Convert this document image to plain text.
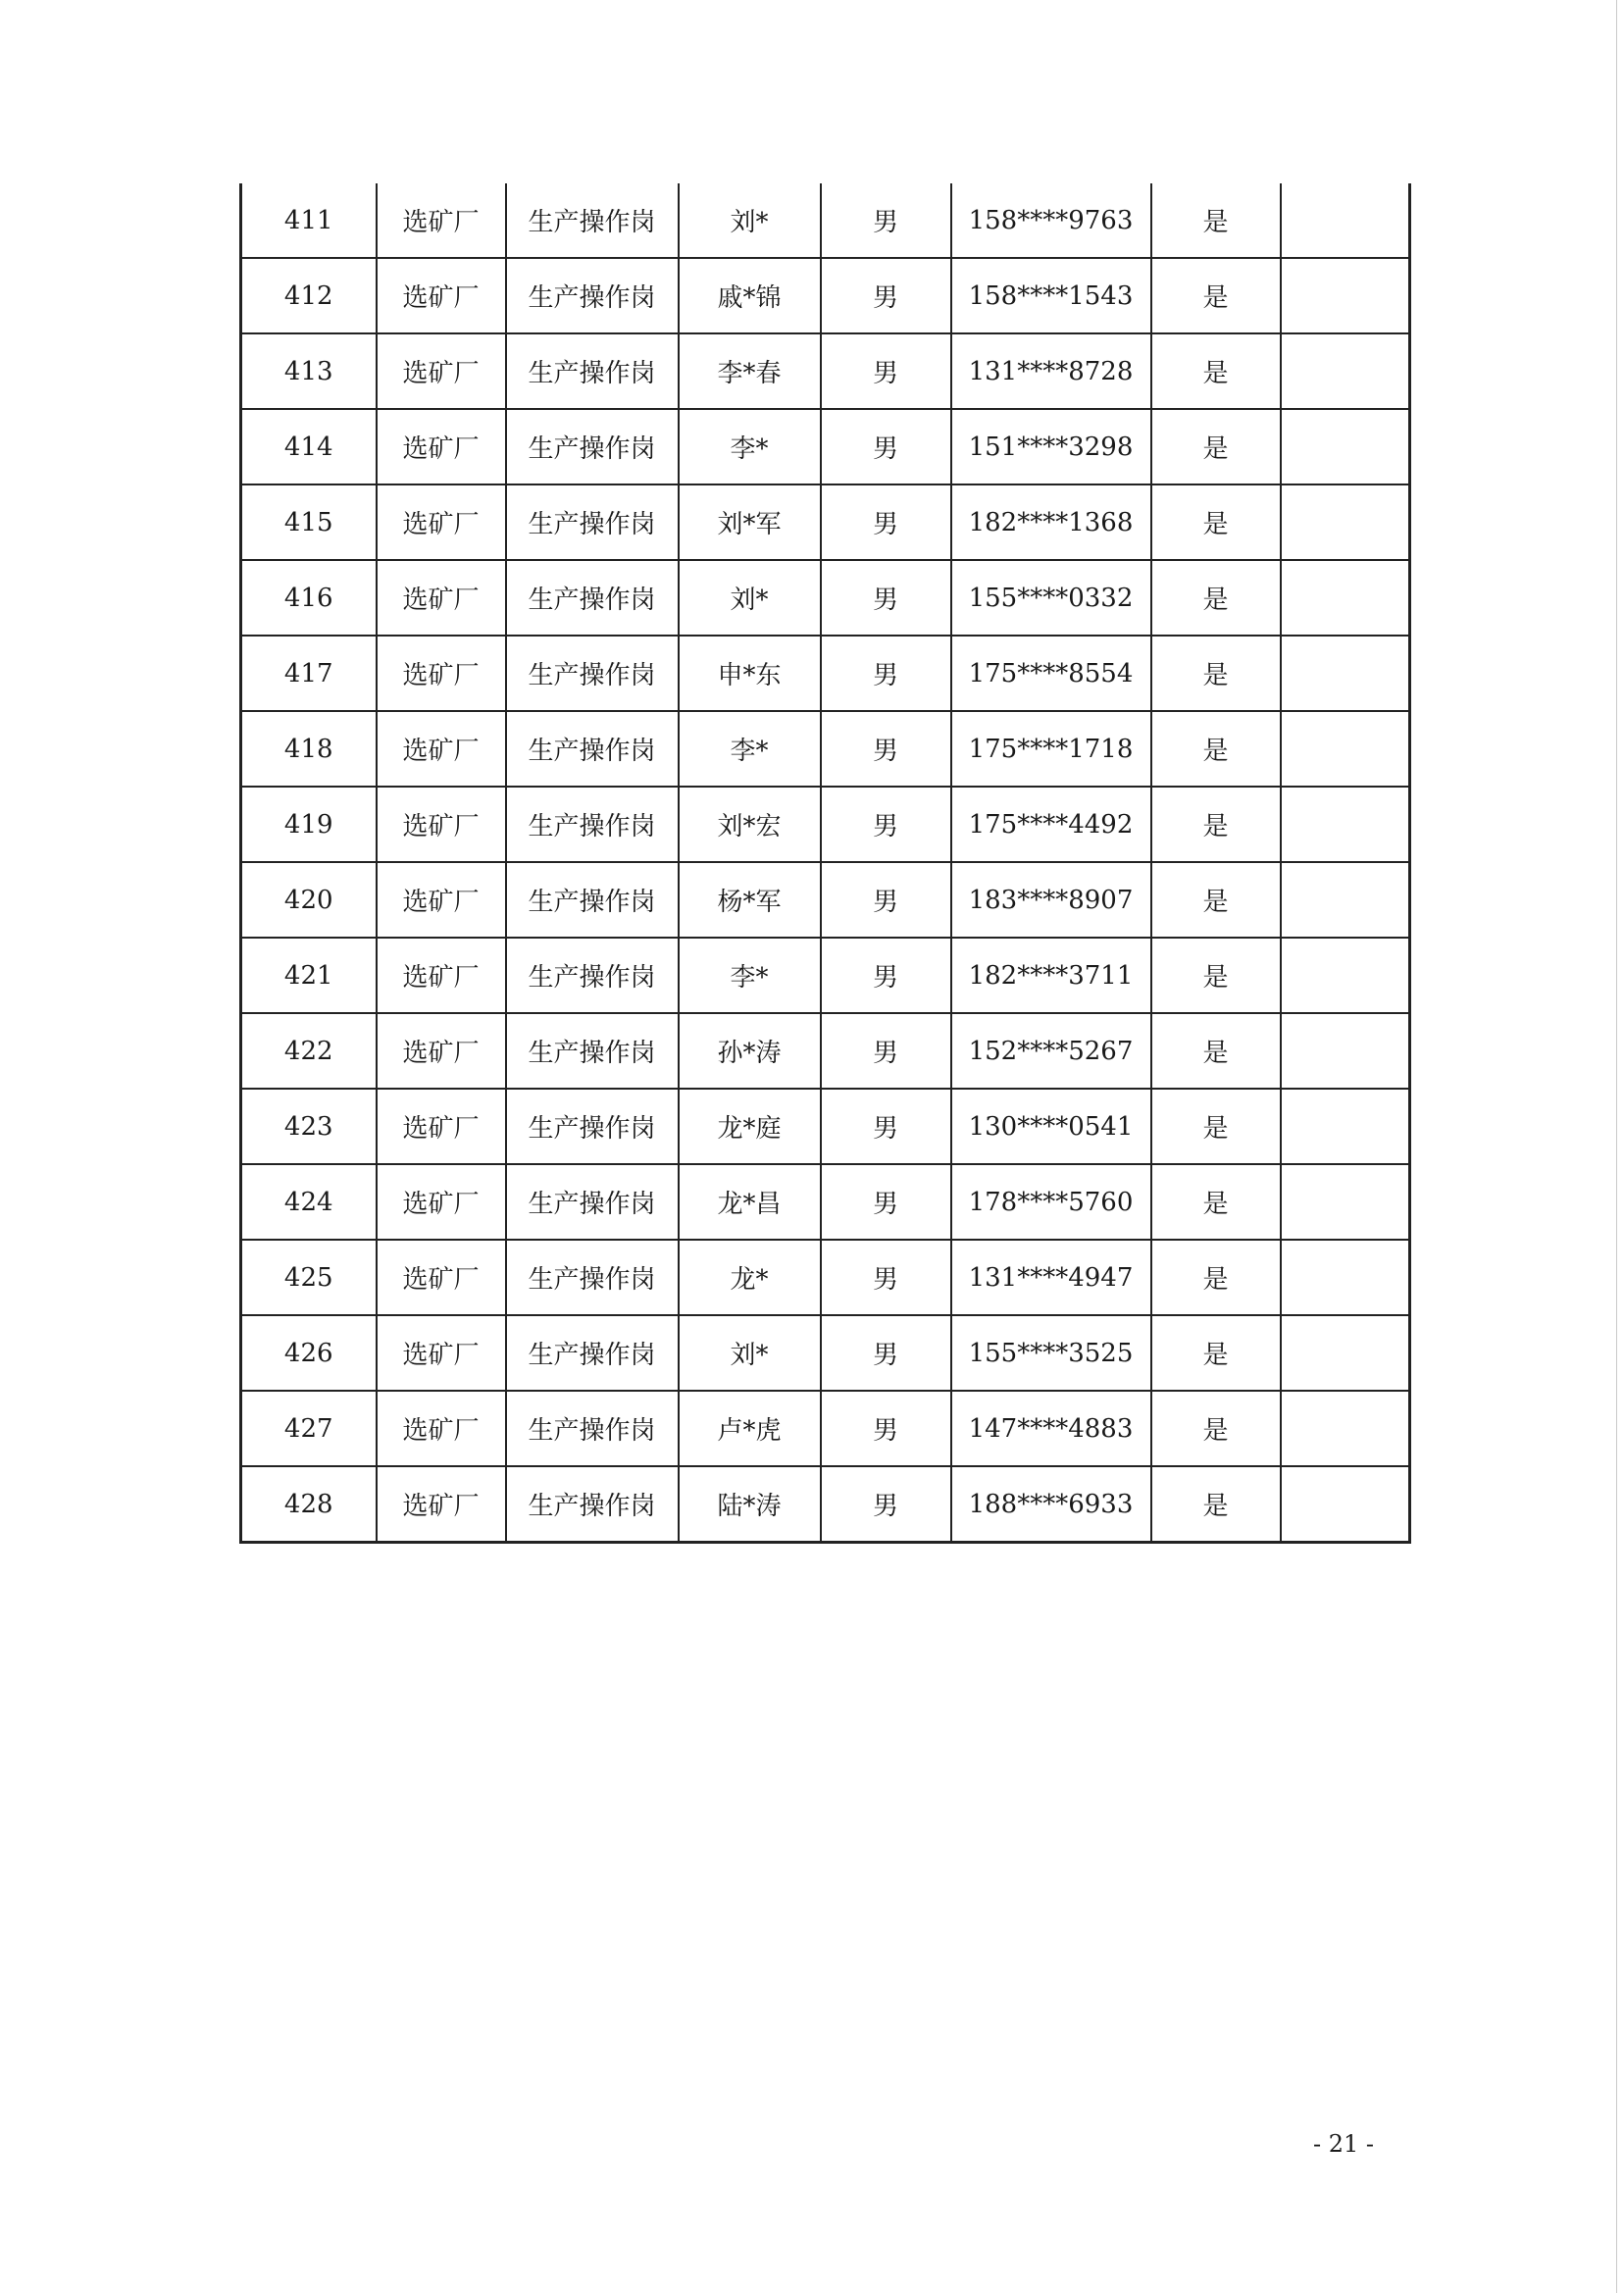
411	选矿厂	生产操作岗	刘*	男	158****9763	是	
412	选矿厂	生产操作岗	戚*锦	男	158****1543	是	
413	选矿厂	生产操作岗	李*春	男	131****8728	是	
414	选矿厂	生产操作岗	李*	男	151****3298	是	
415	选矿厂	生产操作岗	刘*军	男	182****1368	是	
416	选矿厂	生产操作岗	刘*	男	155****0332	是	
417	选矿厂	生产操作岗	申*东	男	175****8554	是	
418	选矿厂	生产操作岗	李*	男	175****1718	是	
419	选矿厂	生产操作岗	刘*宏	男	175****4492	是	
420	选矿厂	生产操作岗	杨*军	男	183****8907	是	
421	选矿厂	生产操作岗	李*	男	182****3711	是	
422	选矿厂	生产操作岗	孙*涛	男	152****5267	是	
423	选矿厂	生产操作岗	龙*庭	男	130****0541	是	
424	选矿厂	生产操作岗	龙*昌	男	178****5760	是	
425	选矿厂	生产操作岗	龙*	男	131****4947	是	
426	选矿厂	生产操作岗	刘*	男	155****3525	是	
427	选矿厂	生产操作岗	卢*虎	男	147****4883	是	
428	选矿厂	生产操作岗	陆*涛	男	188****6933	是	
- 21 -
